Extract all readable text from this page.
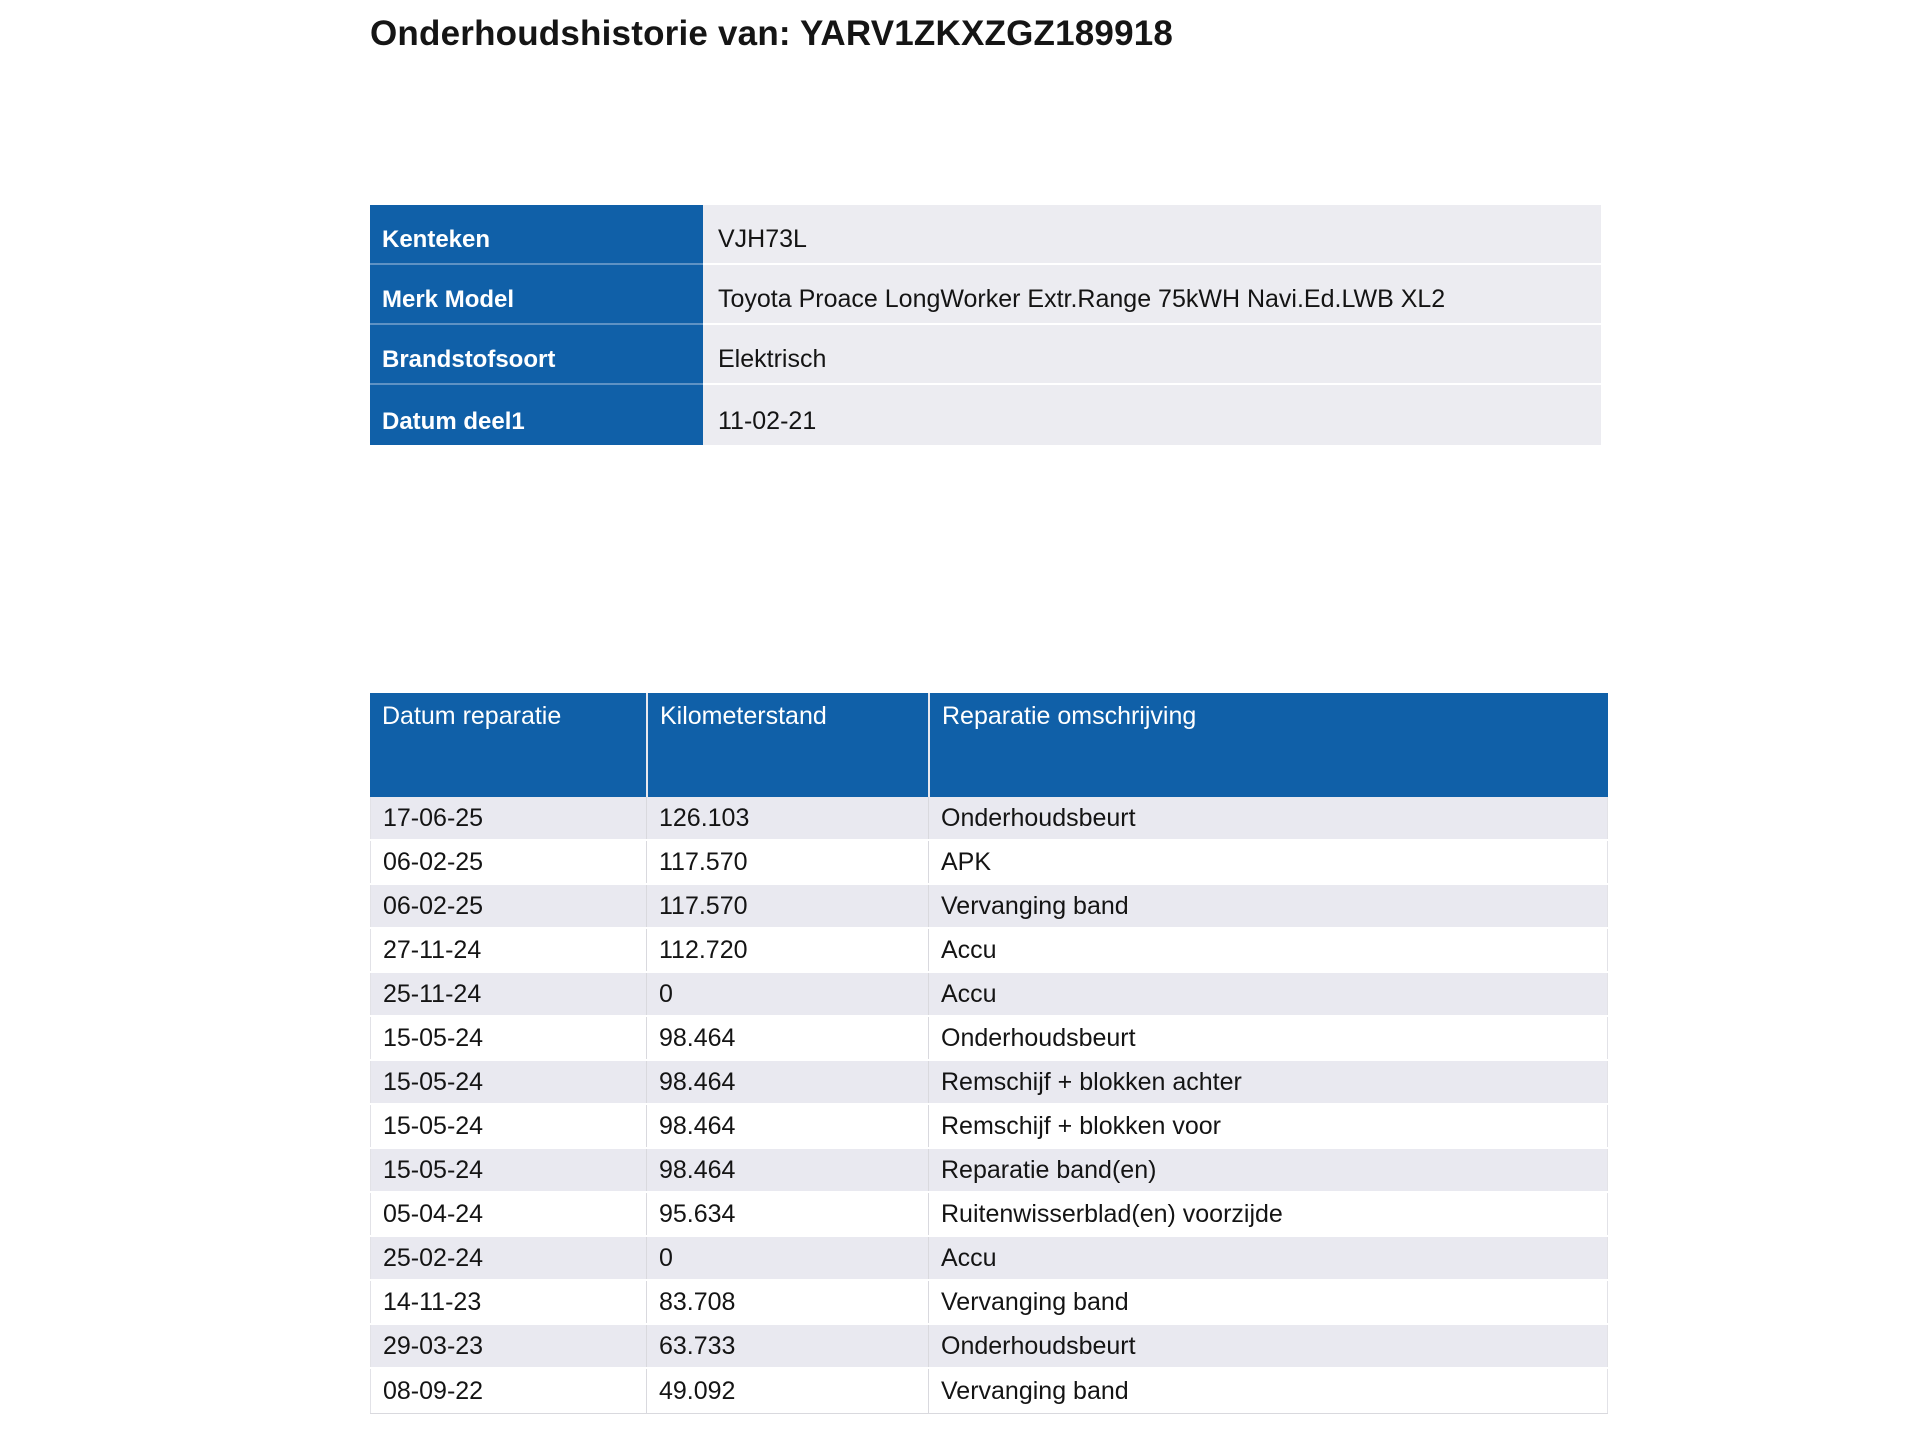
Onderhoudshistorie van: YARV1ZKXZGZ189918
Kenteken	VJH73L
Merk Model	Toyota Proace LongWorker Extr.Range 75kWH Navi.Ed.LWB XL2
Brandstofsoort	Elektrisch
Datum deel1	11-02-21
Datum reparatie	Kilometerstand	Reparatie omschrijving
17-06-25	126.103	Onderhoudsbeurt
06-02-25	117.570	APK
06-02-25	117.570	Vervanging band
27-11-24	112.720	Accu
25-11-24	0	Accu
15-05-24	98.464	Onderhoudsbeurt
15-05-24	98.464	Remschijf + blokken achter
15-05-24	98.464	Remschijf + blokken voor
15-05-24	98.464	Reparatie band(en)
05-04-24	95.634	Ruitenwisserblad(en) voorzijde
25-02-24	0	Accu
14-11-23	83.708	Vervanging band
29-03-23	63.733	Onderhoudsbeurt
08-09-22	49.092	Vervanging band
